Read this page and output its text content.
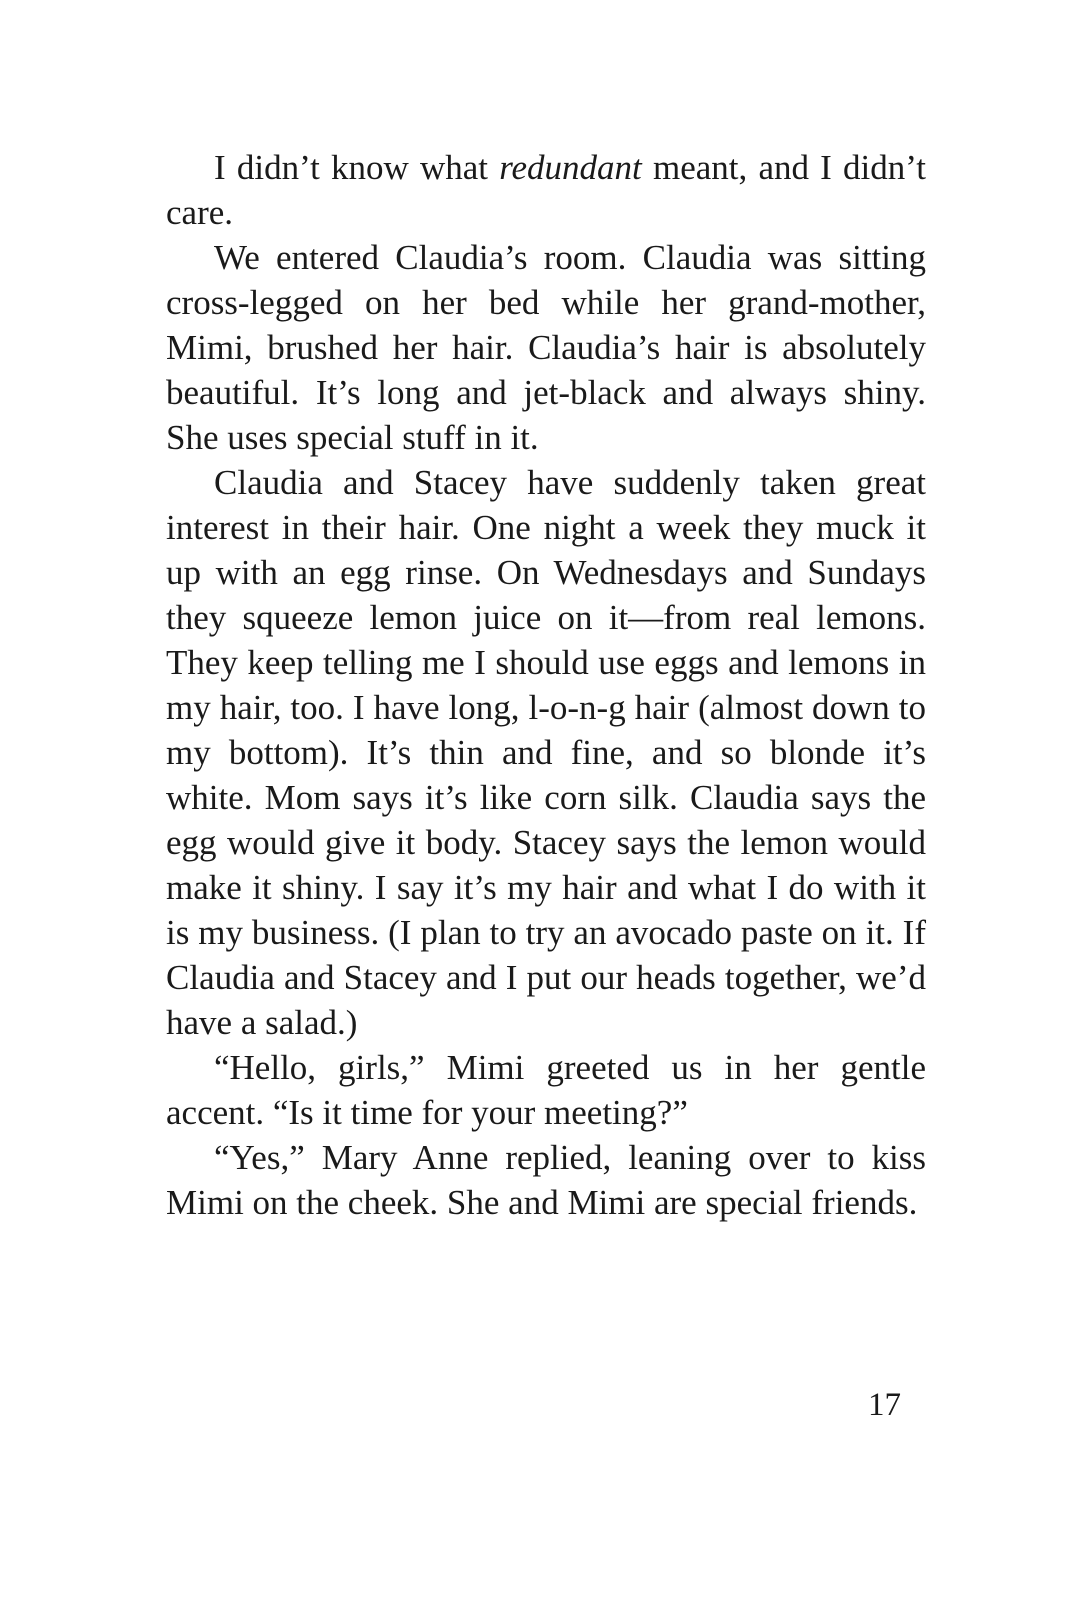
I didn’t know what redundant meant, and I didn’t care.

We entered Claudia’s room. Claudia was sitting cross-legged on her bed while her grand-mother, Mimi, brushed her hair. Claudia’s hair is absolutely beautiful. It’s long and jet-black and always shiny. She uses special stuff in it.

Claudia and Stacey have suddenly taken great interest in their hair. One night a week they muck it up with an egg rinse. On Wednesdays and Sundays they squeeze lemon juice on it—from real lemons. They keep telling me I should use eggs and lemons in my hair, too. I have long, l-o-n-g hair (almost down to my bottom). It’s thin and fine, and so blonde it’s white. Mom says it’s like corn silk. Claudia says the egg would give it body. Stacey says the lemon would make it shiny. I say it’s my hair and what I do with it is my business. (I plan to try an avocado paste on it. If Claudia and Stacey and I put our heads together, we’d have a salad.)

“Hello, girls,” Mimi greeted us in her gentle accent. “Is it time for your meeting?”

“Yes,” Mary Anne replied, leaning over to kiss Mimi on the cheek. She and Mimi are special friends.

17
